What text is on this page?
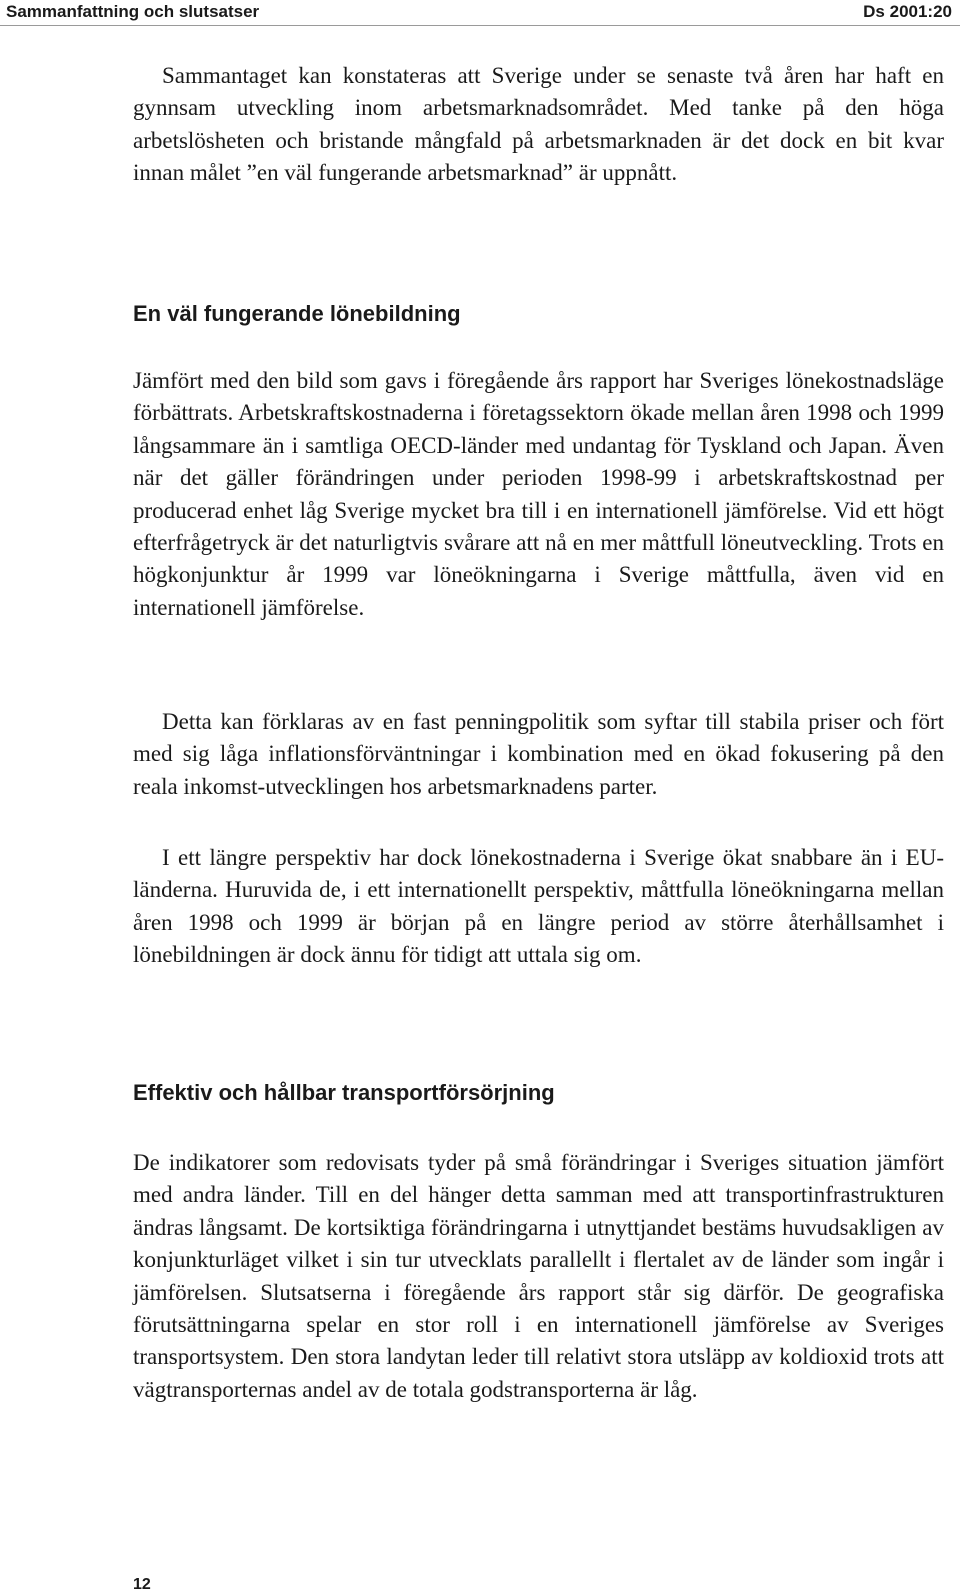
Sammanfattning och slutsatser	Ds 2001:20

Sammantaget kan konstateras att Sverige under se senaste två åren har haft en gynnsam utveckling inom arbetsmarknadsområdet. Med tanke på den höga arbetslösheten och bristande mångfald på arbetsmarknaden är det dock en bit kvar innan målet ”en väl fungerande arbetsmarknad” är uppnått.

En väl fungerande lönebildning

Jämfört med den bild som gavs i föregående års rapport har Sveriges lönekostnadsläge förbättrats. Arbetskraftskostnaderna i företagssektorn ökade mellan åren 1998 och 1999 långsammare än i samtliga OECD-länder med undantag för Tyskland och Japan. Även när det gäller förändringen under perioden 1998-99 i arbetskraftskostnad per producerad enhet låg Sverige mycket bra till i en internationell jämförelse. Vid ett högt efterfrågetryck är det naturligtvis svårare att nå en mer måttfull löneutveckling. Trots en högkonjunktur år 1999 var löneökningarna i Sverige måttfulla, även vid en internationell jämförelse.

Detta kan förklaras av en fast penningpolitik som syftar till stabila priser och fört med sig låga inflationsförväntningar i kombination med en ökad fokusering på den reala inkomst-utvecklingen hos arbetsmarknadens parter.

I ett längre perspektiv har dock lönekostnaderna i Sverige ökat snabbare än i EU-länderna. Huruvida de, i ett internationellt perspektiv, måttfulla löneökningarna mellan åren 1998 och 1999 är början på en längre period av större återhållsamhet i lönebildningen är dock ännu för tidigt att uttala sig om.

Effektiv och hållbar transportförsörjning

De indikatorer som redovisats tyder på små förändringar i Sveriges situation jämfört med andra länder. Till en del hänger detta samman med att transportinfrastrukturen ändras långsamt. De kortsiktiga förändringarna i utnyttjandet bestäms huvudsakligen av konjunkturläget vilket i sin tur utvecklats parallellt i flertalet av de länder som ingår i jämförelsen. Slutsatserna i föregående års rapport står sig därför. De geografiska förutsättningarna spelar en stor roll i en internationell jämförelse av Sveriges transportsystem. Den stora landytan leder till relativt stora utsläpp av koldioxid trots att vägtransporternas andel av de totala godstransporterna är låg.

12
